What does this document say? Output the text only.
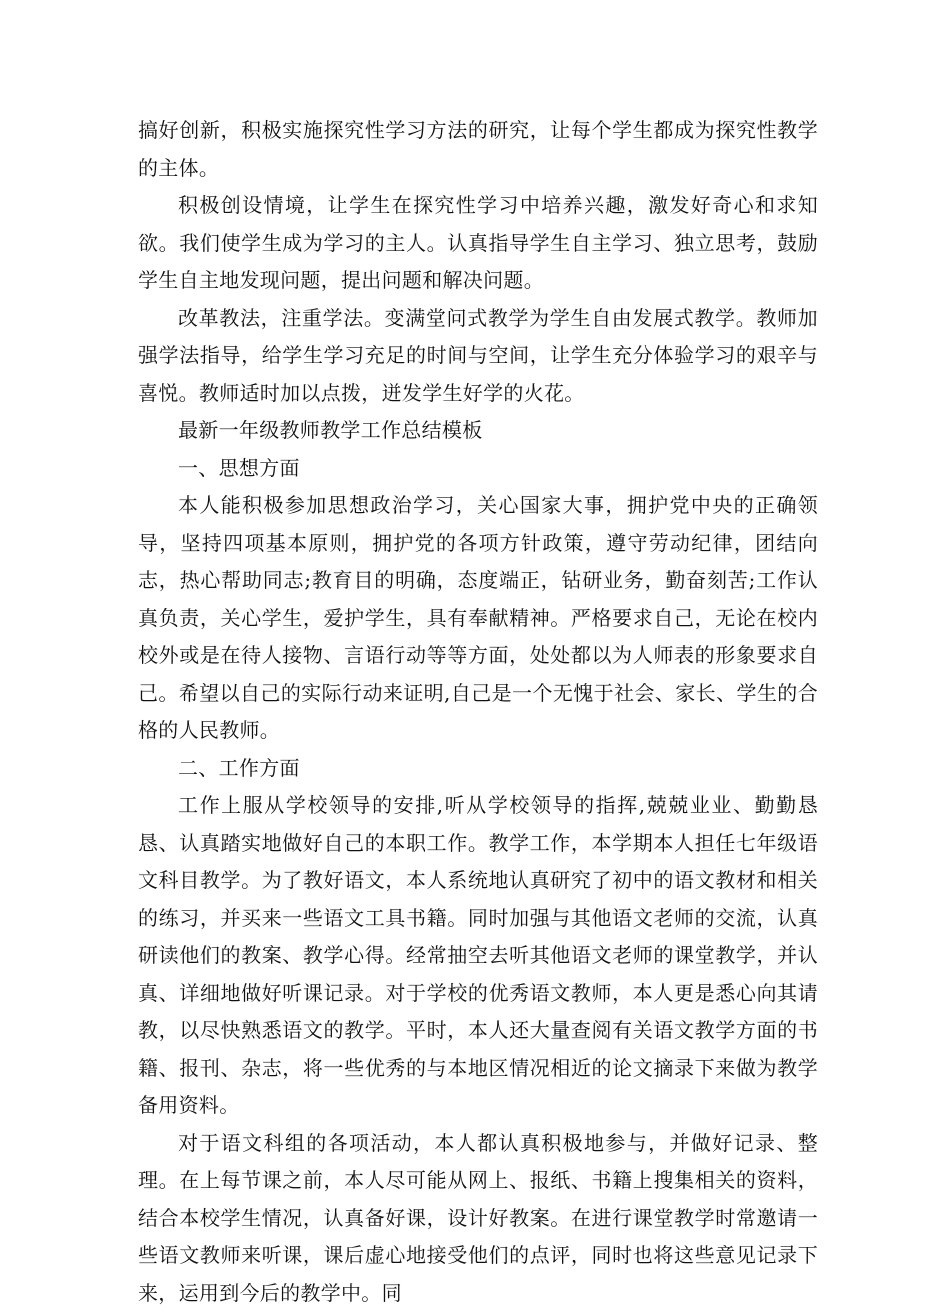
搞好创新，积极实施探究性学习方法的研究，让每个学生都成为探究性教学的主体。

积极创设情境，让学生在探究性学习中培养兴趣，激发好奇心和求知欲。我们使学生成为学习的主人。认真指导学生自主学习、独立思考，鼓励学生自主地发现问题，提出问题和解决问题。

改革教法，注重学法。变满堂问式教学为学生自由发展式教学。教师加强学法指导，给学生学习充足的时间与空间，让学生充分体验学习的艰辛与喜悦。教师适时加以点拨，迸发学生好学的火花。

最新一年级教师教学工作总结模板

一、思想方面

本人能积极参加思想政治学习，关心国家大事，拥护党中央的正确领导，坚持四项基本原则，拥护党的各项方针政策，遵守劳动纪律，团结向志，热心帮助同志;教育目的明确，态度端正，钻研业务，勤奋刻苦;工作认真负责，关心学生，爱护学生，具有奉献精神。严格要求自己，无论在校内校外或是在待人接物、言语行动等等方面，处处都以为人师表的形象要求自己。希望以自己的实际行动来证明,自己是一个无愧于社会、家长、学生的合格的人民教师。

二、工作方面

工作上服从学校领导的安排,听从学校领导的指挥,兢兢业业、勤勤恳恳、认真踏实地做好自己的本职工作。教学工作，本学期本人担任七年级语文科目教学。为了教好语文，本人系统地认真研究了初中的语文教材和相关的练习，并买来一些语文工具书籍。同时加强与其他语文老师的交流，认真研读他们的教案、教学心得。经常抽空去听其他语文老师的课堂教学，并认真、详细地做好听课记录。对于学校的优秀语文教师，本人更是悉心向其请教，以尽快熟悉语文的教学。平时，本人还大量查阅有关语文教学方面的书籍、报刊、杂志，将一些优秀的与本地区情况相近的论文摘录下来做为教学备用资料。

对于语文科组的各项活动，本人都认真积极地参与，并做好记录、整理。在上每节课之前，本人尽可能从网上、报纸、书籍上搜集相关的资料，结合本校学生情况，认真备好课，设计好教案。在进行课堂教学时常邀请一些语文教师来听课，课后虚心地接受他们的点评，同时也将这些意见记录下来，运用到今后的教学中。同
